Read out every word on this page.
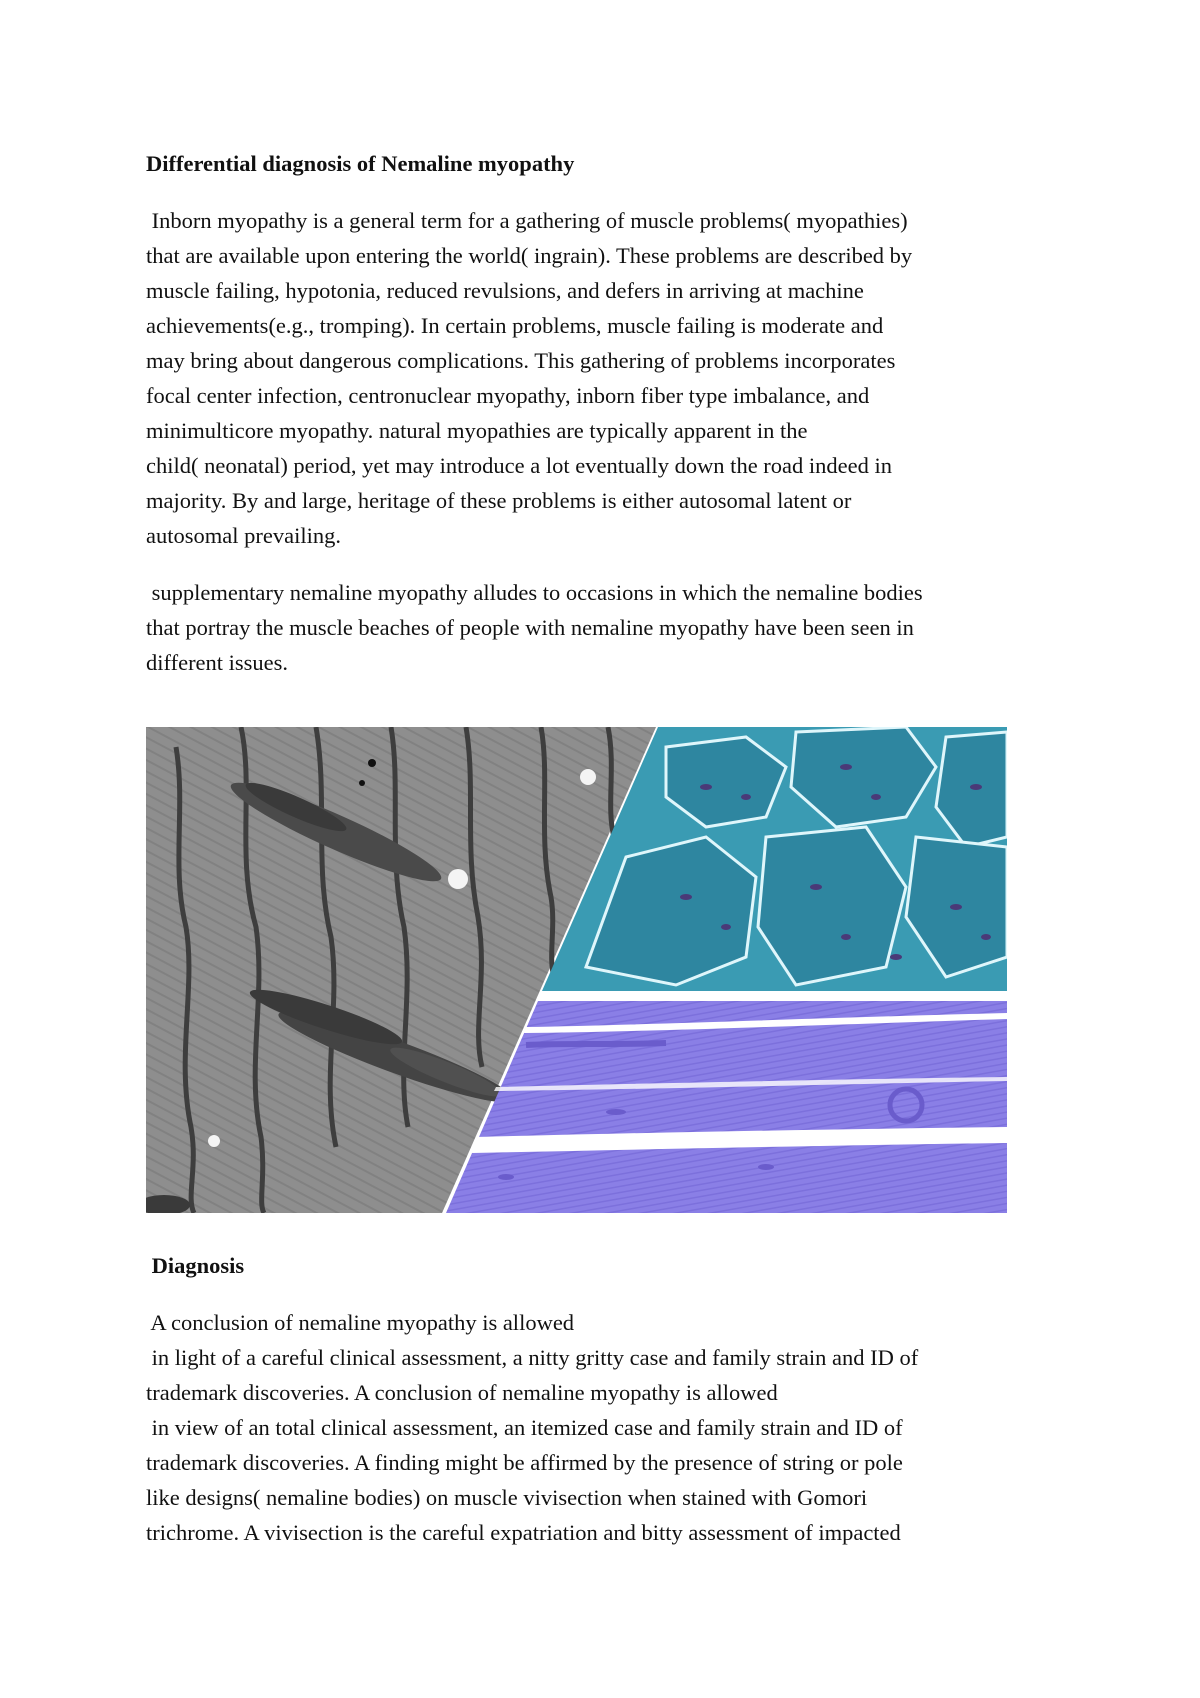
Differential diagnosis of Nemaline myopathy

Inborn myopathy is a general term for a gathering of muscle problems( myopathies)
that are available upon entering the world( ingrain). These problems are described by
muscle failing, hypotonia, reduced revulsions, and defers in arriving at machine
achievements(e.g., tromping). In certain problems, muscle failing is moderate and
may bring about dangerous complications. This gathering of problems incorporates
focal center infection, centronuclear myopathy, inborn fiber type imbalance, and
minimulticore myopathy. natural myopathies are typically apparent in the
child( neonatal) period, yet may introduce a lot eventually down the road indeed in
majority. By and large, heritage of these problems is either autosomal latent or
autosomal prevailing.

supplementary nemaline myopathy alludes to occasions in which the nemaline bodies
that portray the muscle beaches of people with nemaline myopathy have been seen in
different issues.

Diagnosis

A conclusion of nemaline myopathy is allowed
in light of a careful clinical assessment, a nitty gritty case and family strain and ID of
trademark discoveries. A conclusion of nemaline myopathy is allowed
in view of an total clinical assessment, an itemized case and family strain and ID of
trademark discoveries. A finding might be affirmed by the presence of string or pole
like designs( nemaline bodies) on muscle vivisection when stained with Gomori
trichrome. A vivisection is the careful expatriation and bitty assessment of impacted
